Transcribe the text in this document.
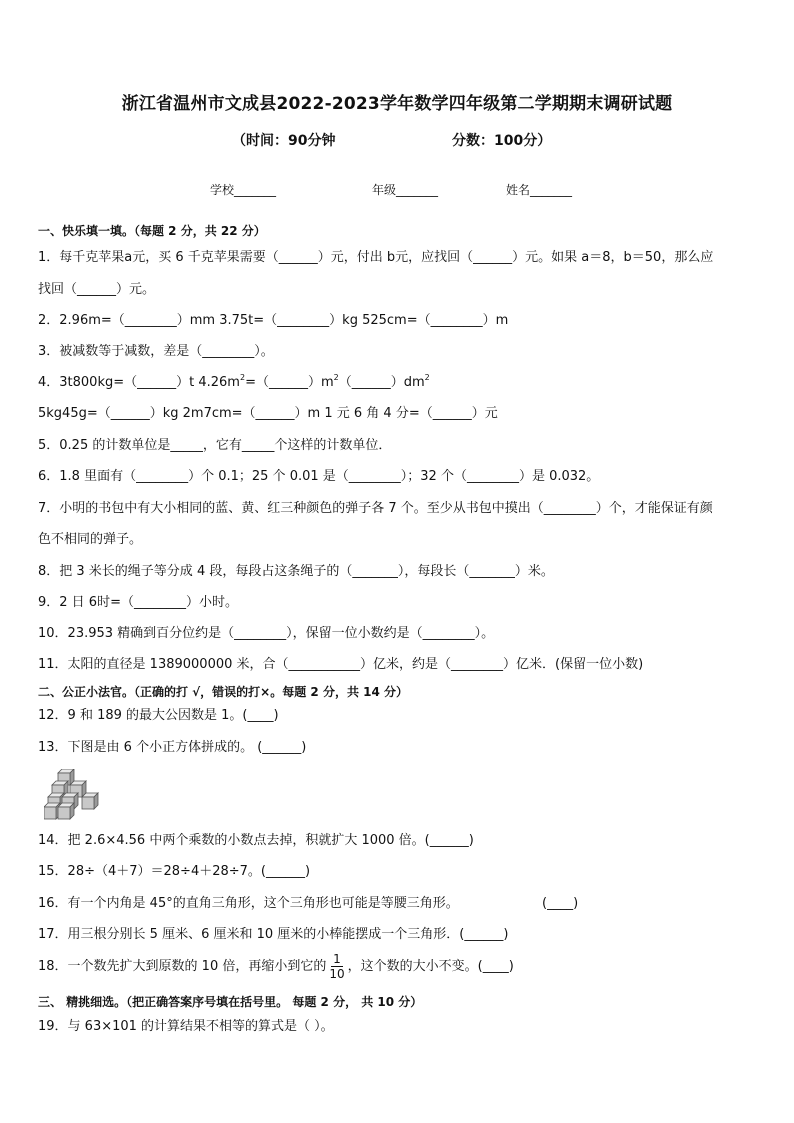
浙江省温州市文成县2022-2023学年数学四年级第二学期期末调研试题
（时间：90分钟	分数：100分）
学校_______	年级_______	姓名_______
一、快乐填一填。（每题 2 分，共 22 分）
1．每千克苹果a元，买 6 千克苹果需要（______）元，付出 b元，应找回（______）元。如果 a＝8，b＝50，那么应
找回（______）元。
2．2.96m=（________）mm 3.75t=（________）kg 525cm=（________）m
3．被减数等于减数，差是（________）。
4．3t800kg=（______）t $4.26m^2=(\_\_\_\_\_\_)m^2(\_\_\_\_\_\_)dm^2$
5kg45g=（______）kg 2m7cm=（______）m 1 元 6 角 4 分=（______）元
5．0.25 的计数单位是_____，它有_____个这样的计数单位．
6．1.8 里面有（________）个 0.1；25 个 0.01 是（________）；32 个（________）是 0.032。
7．小明的书包中有大小相同的蓝、黄、红三种颜色的弹子各 7 个。至少从书包中摸出（________）个，才能保证有颜
色不相同的弹子。
8．把 3 米长的绳子等分成 4 段，每段占这条绳子的（_______），每段长（_______）米。
9．2 日 6时=（________）小时。
10．23.953 精确到百分位约是（________），保留一位小数约是（________）。
11．太阳的直径是 1389000000 米，合（___________）亿米，约是（________）亿米．(保留一位小数)
二、公正小法官。（正确的打 √，错误的打×。每题 2 分，共 14 分）
12．9 和 189 的最大公因数是 1。(____)
13．下图是由 6 个小正方体拼成的。 (______)
14．把 2.6×4.56 中两个乘数的小数点去掉，积就扩大 1000 倍。(______)
15．28÷（4＋7）＝28÷4＋28÷7。(______)
16．有一个内角是 45°的直角三角形，这个三角形也可能是等腰三角形。	(____)
17．用三根分别长 5 厘米、6 厘米和 10 厘米的小棒能摆成一个三角形．(______)
18．一个数先扩大到原数的 10 倍，再缩小到它的 $\frac{1}{10}$ ，这个数的大小不变。(____)
三、 精挑细选。（把正确答案序号填在括号里。 每题 2 分， 共 10 分）
19．与 63×101 的计算结果不相等的算式是（ ）。
